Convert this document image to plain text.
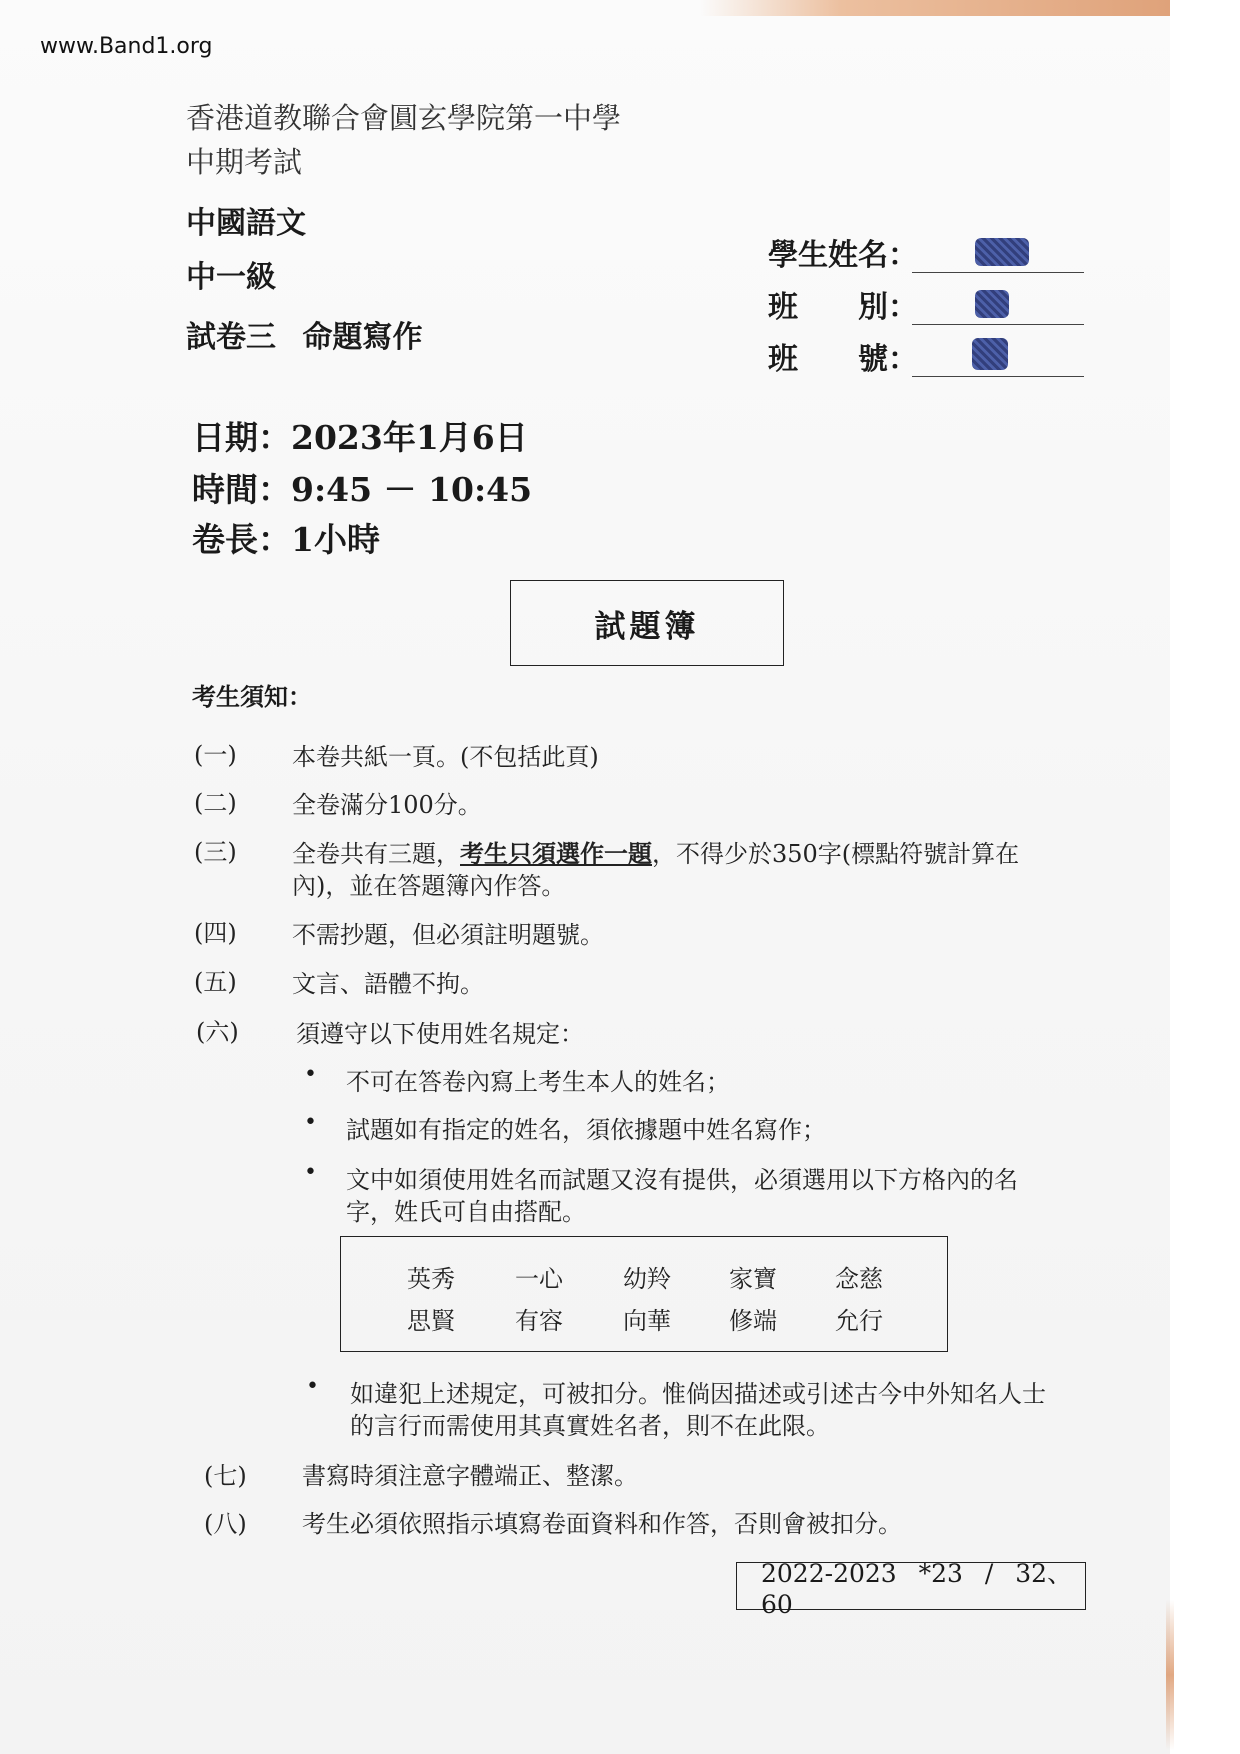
www.Band1.org
香港道教聯合會圓玄學院第一中學
中期考試
中國語文
中一級
試卷三 命題寫作
學生姓名：
班　　別：
班　　號：
日期：2023年1月6日
時間：9:45 － 10:45
卷長：1小時
試題簿
考生須知：
(一) 本卷共紙一頁。(不包括此頁)
(二) 全卷滿分100分。
(三) 全卷共有三題，考生只須選作一題，不得少於350字(標點符號計算在
內)，並在答題簿內作答。
(四) 不需抄題，但必須註明題號。
(五) 文言、語體不拘。
(六) 須遵守以下使用姓名規定：
• 不可在答卷內寫上考生本人的姓名；
• 試題如有指定的姓名，須依據題中姓名寫作；
• 文中如須使用姓名而試題又沒有提供，必須選用以下方格內的名
字，姓氏可自由搭配。
英秀	一心	幼羚 家寶 念慈
思賢	有容	向華 修端 允行
• 如違犯上述規定，可被扣分。惟倘因描述或引述古今中外知名人士
的言行而需使用其真實姓名者，則不在此限。
(七) 書寫時須注意字體端正、整潔。
(八) 考生必須依照指示填寫卷面資料和作答，否則會被扣分。
2022-2023 *23 / 32、60
